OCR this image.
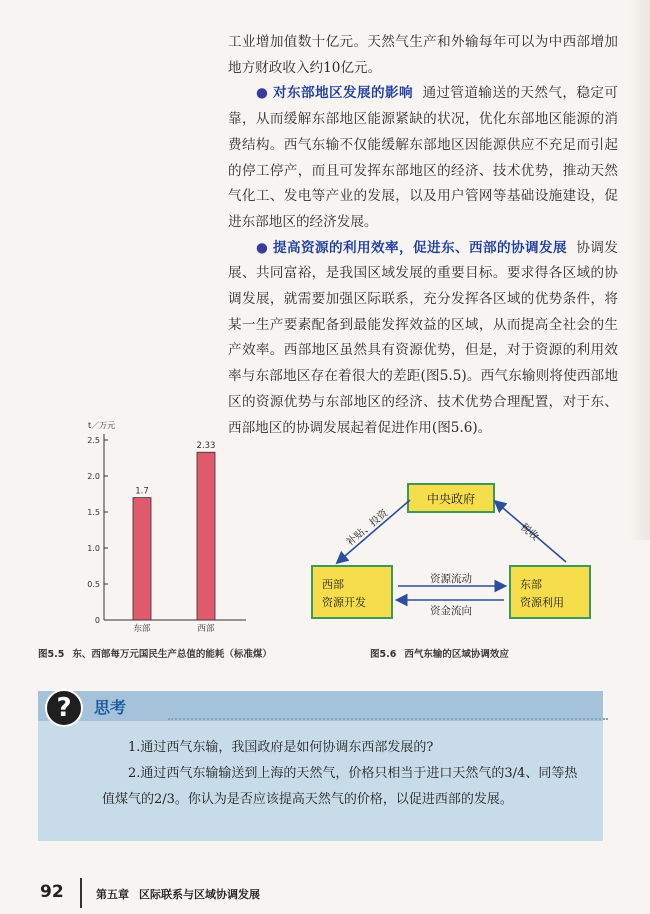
工业增加值数十亿元。天然气生产和外输每年可以为中西部增加地方财政收入约10亿元。

● 对东部地区发展的影响 通过管道输送的天然气，稳定可靠，从而缓解东部地区能源紧缺的状况，优化东部地区能源的消费结构。西气东输不仅能缓解东部地区因能源供应不充足而引起的停工停产，而且可发挥东部地区的经济、技术优势，推动天然气化工、发电等产业的发展，以及用户管网等基础设施建设，促进东部地区的经济发展。

● 提高资源的利用效率，促进东、西部的协调发展 协调发展、共同富裕，是我国区域发展的重要目标。要求得各区域的协调发展，就需要加强区际联系，充分发挥各区域的优势条件，将某一生产要素配备到最能发挥效益的区域，从而提高全社会的生产效率。西部地区虽然具有资源优势，但是，对于资源的利用效率与东部地区存在着很大的差距(图5.5)。西气东输则将使西部地区的资源优势与东部地区的经济、技术优势合理配置，对于东、西部地区的协调发展起着促进作用(图5.6)。

t／万元
0
0.5
1.0
1.5
2.0
2.5
1.7
东部
2.33
西部
图5.5 东、西部每万元国民生产总值的能耗（标准煤）
中央政府
西部
资源开发
东部
资源利用
补贴、投资	税收
资源流动
资金流向
图5.6 西气东输的区域协调效应
?	思考

1.通过西气东输，我国政府是如何协调东西部发展的?

2.通过西气东输输送到上海的天然气，价格只相当于进口天然气的3/4、同等热值煤气的2/3。你认为是否应该提高天然气的价格，以促进西部的发展。

92	第五章 区际联系与区域协调发展
